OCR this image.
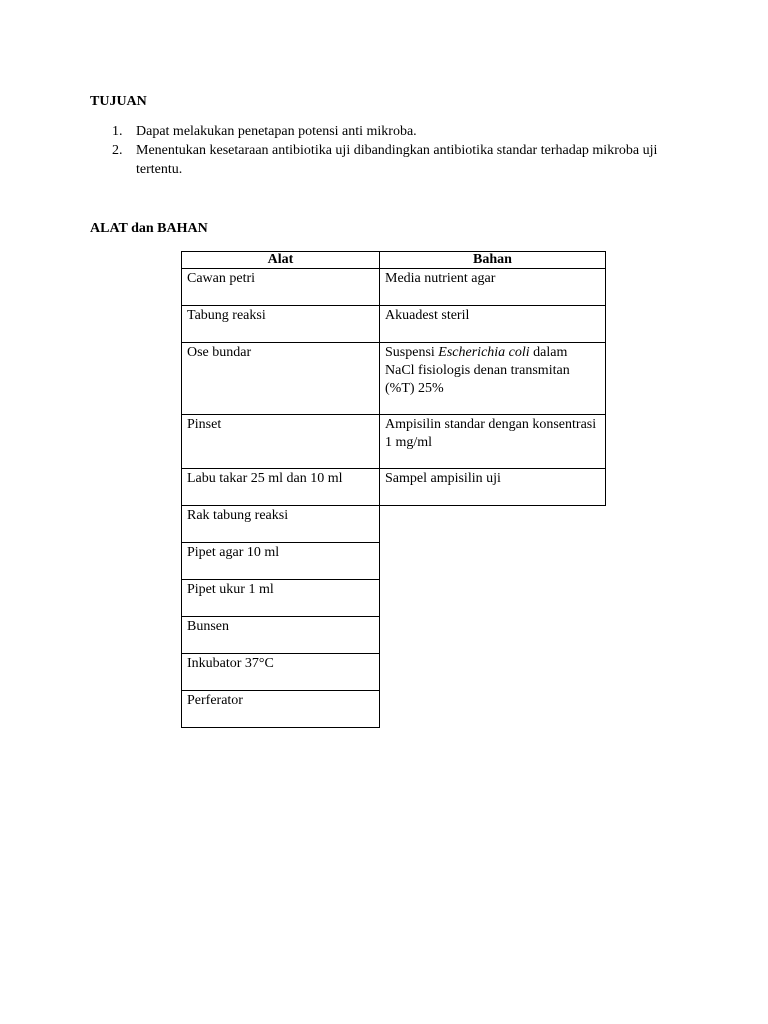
TUJUAN

1. Dapat melakukan penetapan potensi anti mikroba.
2. Menentukan kesetaraan antibiotika uji dibandingkan antibiotika standar terhadap mikroba uji tertentu.

ALAT dan BAHAN

Alat	Bahan
Cawan petri	Media nutrient agar
Tabung reaksi	Akuadest steril
Ose bundar	Suspensi Escherichia coli dalam NaCl fisiologis denan transmitan (%T) 25%
Pinset	Ampisilin standar dengan konsentrasi 1 mg/ml
Labu takar 25 ml dan 10 ml	Sampel ampisilin uji
Rak tabung reaksi	
Pipet agar 10 ml	
Pipet ukur 1 ml	
Bunsen	
Inkubator 37°C	
Perferator	
